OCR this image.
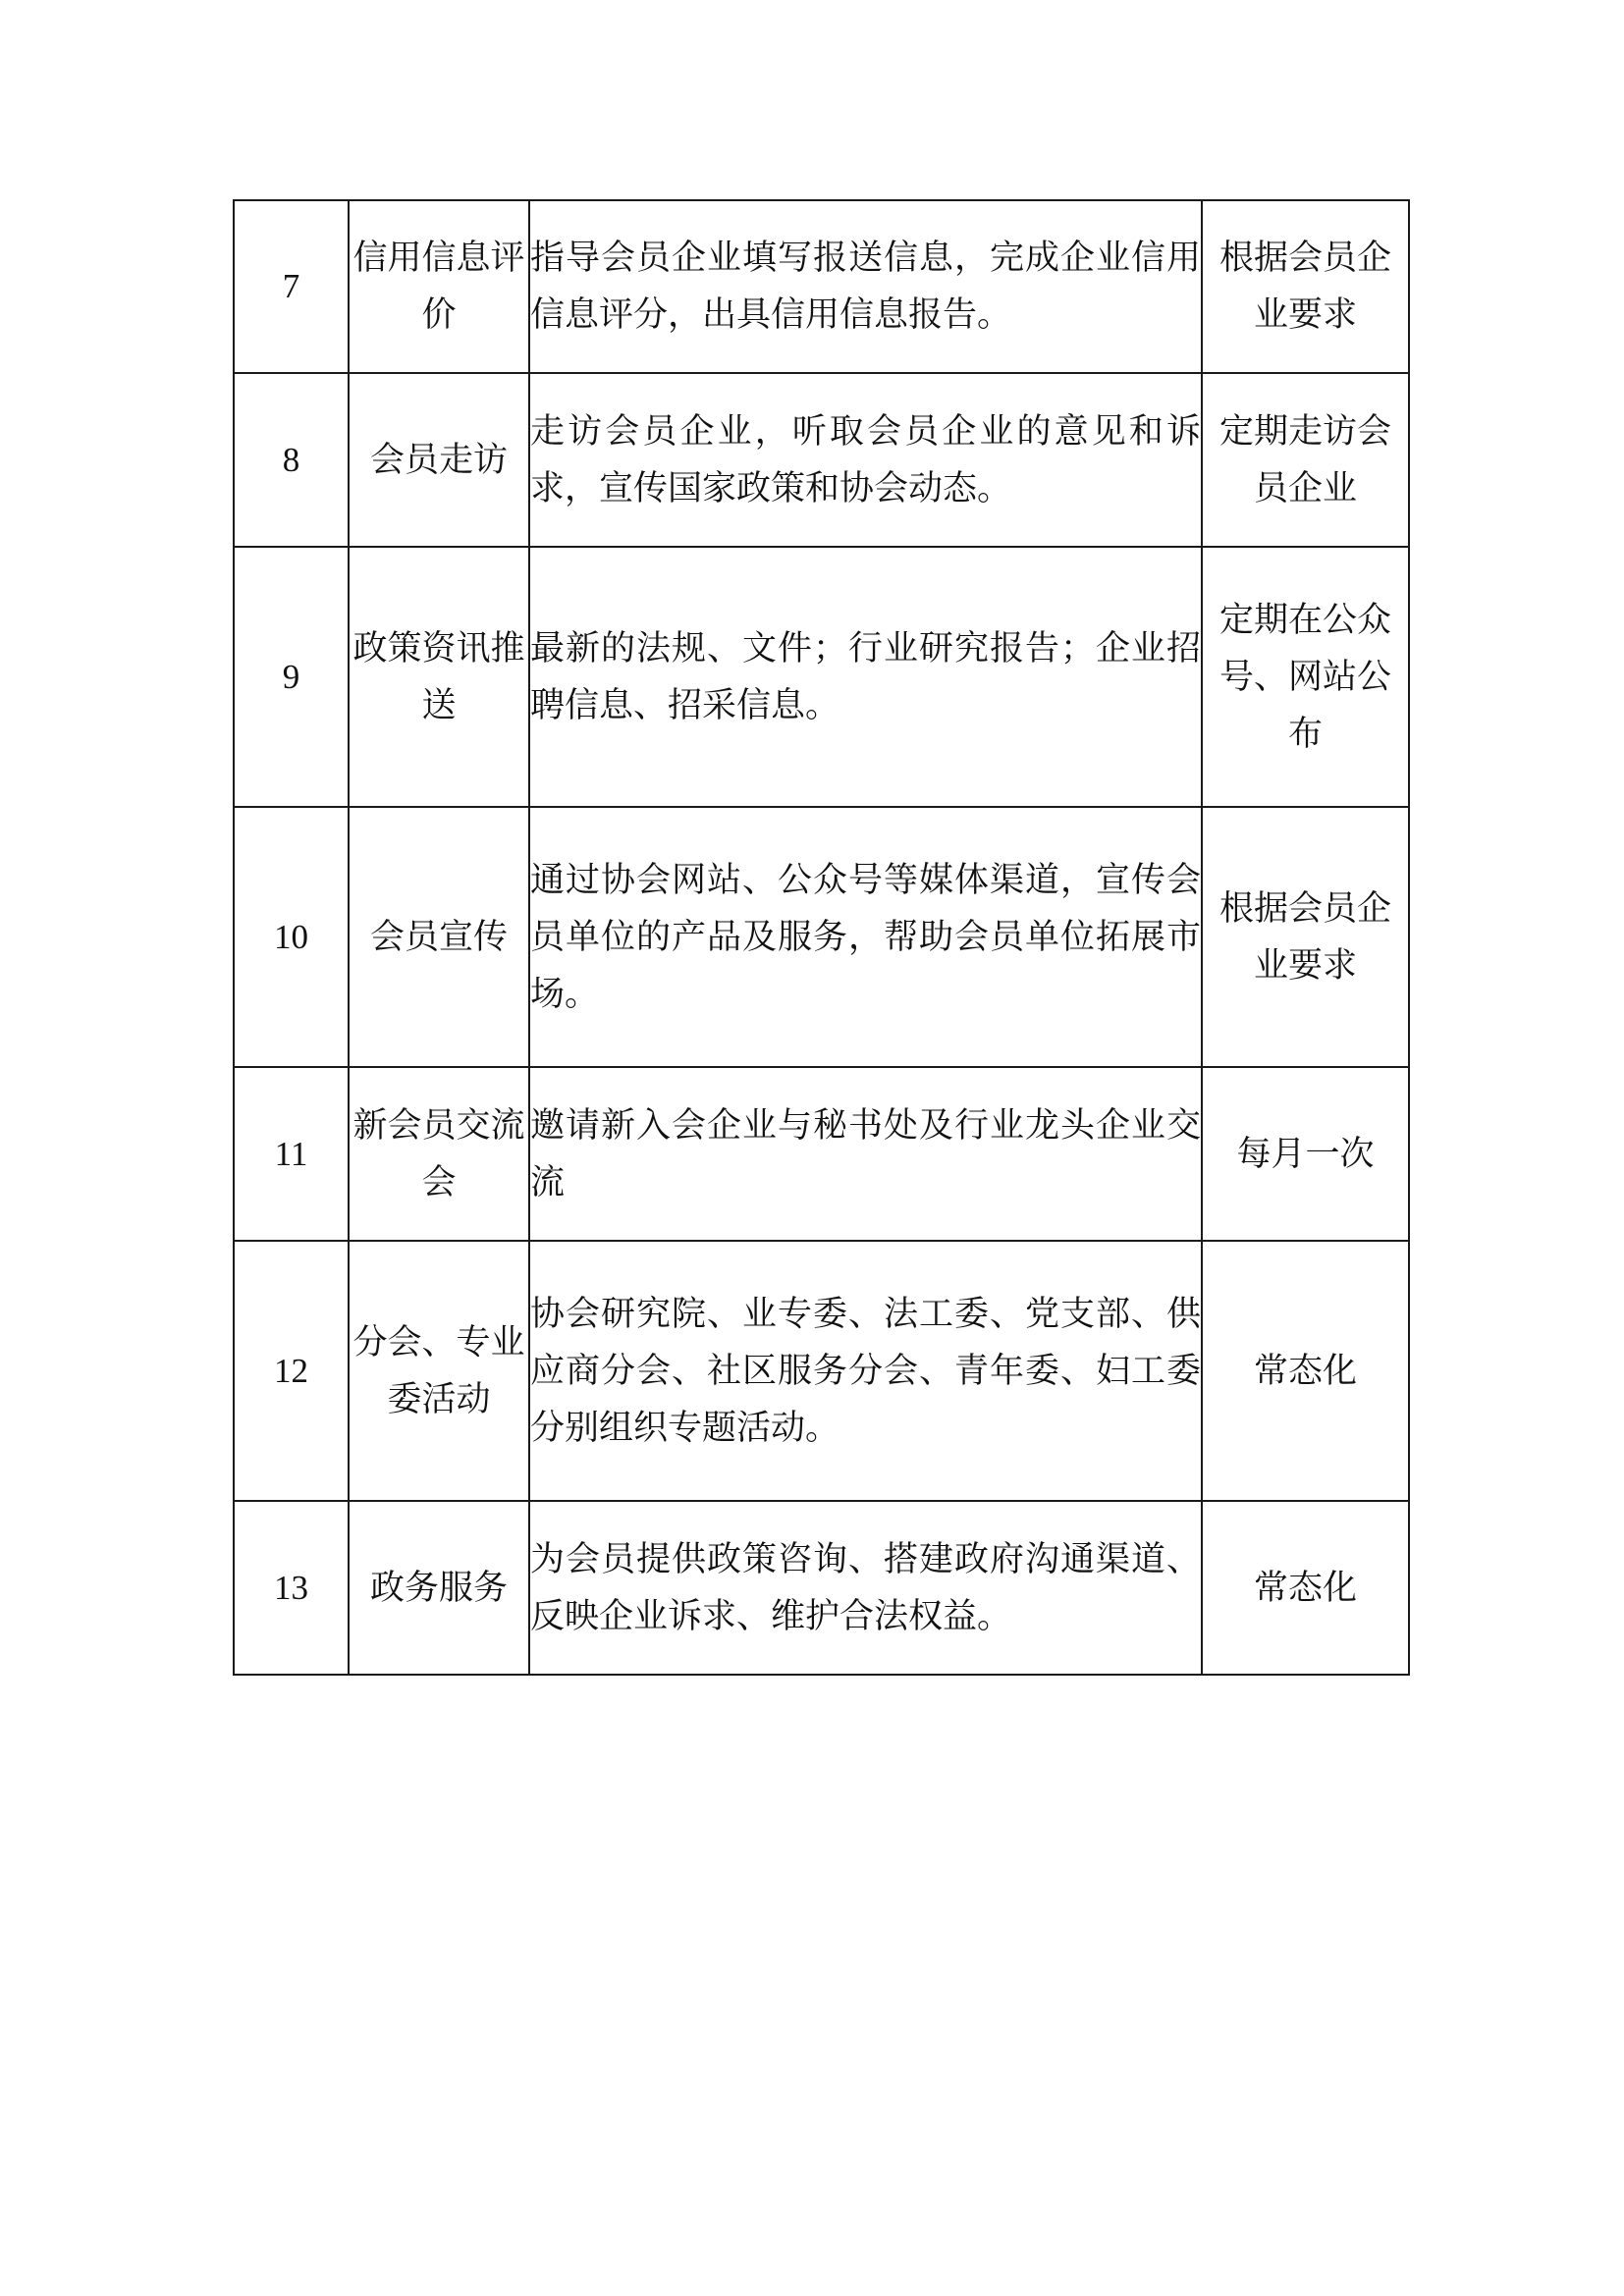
7	信用信息评价	指导会员企业填写报送信息，完成企业信用信息评分，出具信用信息报告。	根据会员企业要求

8	会员走访	走访会员企业，听取会员企业的意见和诉求，宣传国家政策和协会动态。	定期走访会员企业

9	政策资讯推送	最新的法规、文件；行业研究报告；企业招聘信息、招采信息。	定期在公众号、网站公布

10	会员宣传	通过协会网站、公众号等媒体渠道，宣传会员单位的产品及服务，帮助会员单位拓展市场。	根据会员企业要求

11	新会员交流会	邀请新入会企业与秘书处及行业龙头企业交流	每月一次

12	分会、专业委活动	协会研究院、业专委、法工委、党支部、供应商分会、社区服务分会、青年委、妇工委分别组织专题活动。	常态化

13	政务服务	为会员提供政策咨询、搭建政府沟通渠道、反映企业诉求、维护合法权益。	常态化
